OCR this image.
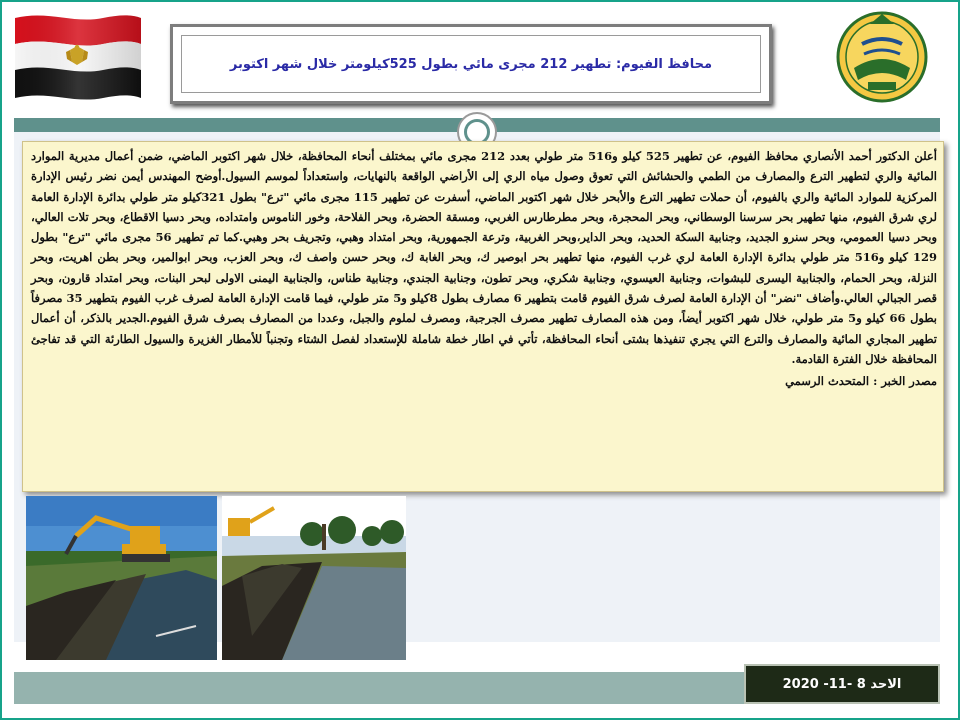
محافظ الفيوم: تطهير 212 مجرى مائي بطول 525كيلومتر خلال شهر اكتوبر

أعلن الدكتور أحمد الأنصاري محافظ الفيوم، عن تطهير 525 كيلو و516 متر طولي بعدد 212 مجرى مائي بمختلف أنحاء المحافظة، خلال شهر اكتوبر الماضي، ضمن أعمال مديرية الموارد المائية والري لتطهير الترع والمصارف من الطمي والحشائش التي تعوق وصول مياه الري إلى الأراضي الواقعة بالنهايات، واستعداداً لموسم السيول.أوضح المهندس أيمن نضر رئيس الإدارة المركزية للموارد المائية والري بالفيوم، أن حملات تطهير الترع والأبحر خلال شهر اكتوبر الماضي، أسفرت عن تطهير 115 مجرى مائي "ترع" بطول 321كيلو متر طولي بدائرة الإدارة العامة لري شرق الفيوم، منها تطهير بحر سرسنا الوسطاني، وبحر المحجرة، وبحر مطرطارس الغربي، ومسقة الحضرة، وبحر الفلاحة، وخور الناموس وامتداده، وبحر دسيا الاقطاع، وبحر تلات العالي، وبحر دسيا العمومي، وبحر سنرو الجديد، وجنابية السكة الحديد، وبحر الداير،وبحر الغربية، وترعة الجمهورية، وبحر امتداد وهبي، وتجريف بحر وهبي.كما تم تطهير 56 مجرى مائي "ترع" بطول 129 كيلو و516 متر طولي بدائرة الإدارة العامة لري غرب الفيوم، منها تطهير بحر ابوصير ك، وبحر الغابة ك، وبحر حسن واصف ك، وبحر العزب، وبحر ابوالمير، وبحر بطن اهريت، وبحر النزلة، وبحر الحمام، والجنابية اليسرى للبشوات، وجنابية العيسوي، وجنابية شكري، وبحر تطون، وجنابية الجندي، وجنابية طناس، والجنابية اليمنى الاولى لبحر البنات، وبحر امتداد قارون، وبحر قصر الجبالي العالي.وأضاف "نضر" أن الإدارة العامة لصرف شرق الفيوم قامت بتطهير 6 مصارف بطول 8كيلو و5 متر طولي، فيما قامت الإدارة العامة لصرف غرب الفيوم بتطهير 35 مصرفاً بطول 66 كيلو و5 متر طولي، خلال شهر اكتوبر أيضاً، ومن هذه المصارف تطهير مصرف الجرجبة، ومصرف لملوم والجبل، وعددا من المصارف بصرف شرق الفيوم.الجدير بالذكر، أن أعمال تطهير المجاري المائية والمصارف والترع التي يجري تنفيذها بشتى أنحاء المحافظة، تأتي في اطار خطة شاملة للإستعداد لفصل الشتاء وتجنباً للأمطار الغزيرة والسيول الطارئة التي قد تفاجئ المحافظة خلال الفترة القادمة.

مصدر الخبر : المتحدث الرسمي

الاحد 8 -11- 2020
